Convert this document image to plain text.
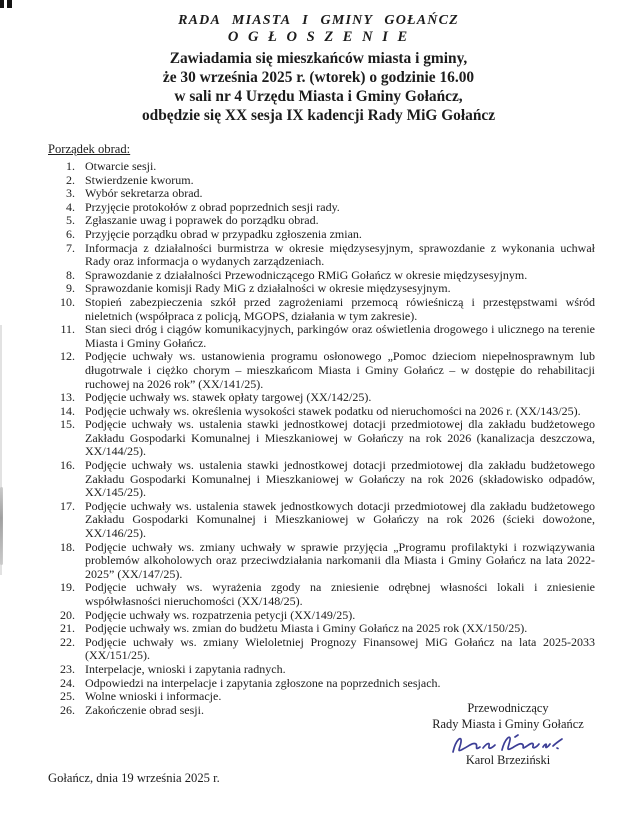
RADA MIASTA I GMINY GOŁAŃCZ
O G Ł O S Z E N I E
Zawiadamia się mieszkańców miasta i gminy,
że 30 września 2025 r. (wtorek) o godzinie 16.00
w sali nr 4 Urzędu Miasta i Gminy Gołańcz,
odbędzie się XX sesja IX kadencji Rady MiG Gołańcz
Porządek obrad:
1. Otwarcie sesji.
2. Stwierdzenie kworum.
3. Wybór sekretarza obrad.
4. Przyjęcie protokołów z obrad poprzednich sesji rady.
5. Zgłaszanie uwag i poprawek do porządku obrad.
6. Przyjęcie porządku obrad w przypadku zgłoszenia zmian.
7. Informacja z działalności burmistrza w okresie międzysesyjnym, sprawozdanie z wykonania uchwał Rady oraz informacja o wydanych zarządzeniach.
8. Sprawozdanie z działalności Przewodniczącego RMiG Gołańcz w okresie międzysesyjnym.
9. Sprawozdanie komisji Rady MiG z działalności w okresie międzysesyjnym.
10. Stopień zabezpieczenia szkół przed zagrożeniami przemocą rówieśniczą i przestępstwami wśród nieletnich (współpraca z policją, MGOPS, działania w tym zakresie).
11. Stan sieci dróg i ciągów komunikacyjnych, parkingów oraz oświetlenia drogowego i ulicznego na terenie Miasta i Gminy Gołańcz.
12. Podjęcie uchwały ws. ustanowienia programu osłonowego „Pomoc dzieciom niepełnosprawnym lub długotrwale i ciężko chorym – mieszkańcom Miasta i Gminy Gołańcz – w dostępie do rehabilitacji ruchowej na 2026 rok” (XX/141/25).
13. Podjęcie uchwały ws. stawek opłaty targowej (XX/142/25).
14. Podjęcie uchwały ws. określenia wysokości stawek podatku od nieruchomości na 2026 r. (XX/143/25).
15. Podjęcie uchwały ws. ustalenia stawki jednostkowej dotacji przedmiotowej dla zakładu budżetowego Zakładu Gospodarki Komunalnej i Mieszkaniowej w Gołańczy na rok 2026 (kanalizacja deszczowa, XX/144/25).
16. Podjęcie uchwały ws. ustalenia stawki jednostkowej dotacji przedmiotowej dla zakładu budżetowego Zakładu Gospodarki Komunalnej i Mieszkaniowej w Gołańczy na rok 2026 (składowisko odpadów, XX/145/25).
17. Podjęcie uchwały ws. ustalenia stawek jednostkowych dotacji przedmiotowej dla zakładu budżetowego Zakładu Gospodarki Komunalnej i Mieszkaniowej w Gołańczy na rok 2026 (ścieki dowożone, XX/146/25).
18. Podjęcie uchwały ws. zmiany uchwały w sprawie przyjęcia „Programu profilaktyki i rozwiązywania problemów alkoholowych oraz przeciwdziałania narkomanii dla Miasta i Gminy Gołańcz na lata 2022-2025” (XX/147/25).
19. Podjęcie uchwały ws. wyrażenia zgody na zniesienie odrębnej własności lokali i zniesienie współwłasności nieruchomości (XX/148/25).
20. Podjęcie uchwały ws. rozpatrzenia petycji (XX/149/25).
21. Podjęcie uchwały ws. zmian do budżetu Miasta i Gminy Gołańcz na 2025 rok (XX/150/25).
22. Podjęcie uchwały ws. zmiany Wieloletniej Prognozy Finansowej MiG Gołańcz na lata 2025-2033 (XX/151/25).
23. Interpelacje, wnioski i zapytania radnych.
24. Odpowiedzi na interpelacje i zapytania zgłoszone na poprzednich sesjach.
25. Wolne wnioski i informacje.
26. Zakończenie obrad sesji.	Przewodniczący
Rady Miasta i Gminy Gołańcz
Karol Brzeziński
Gołańcz, dnia 19 września 2025 r.
